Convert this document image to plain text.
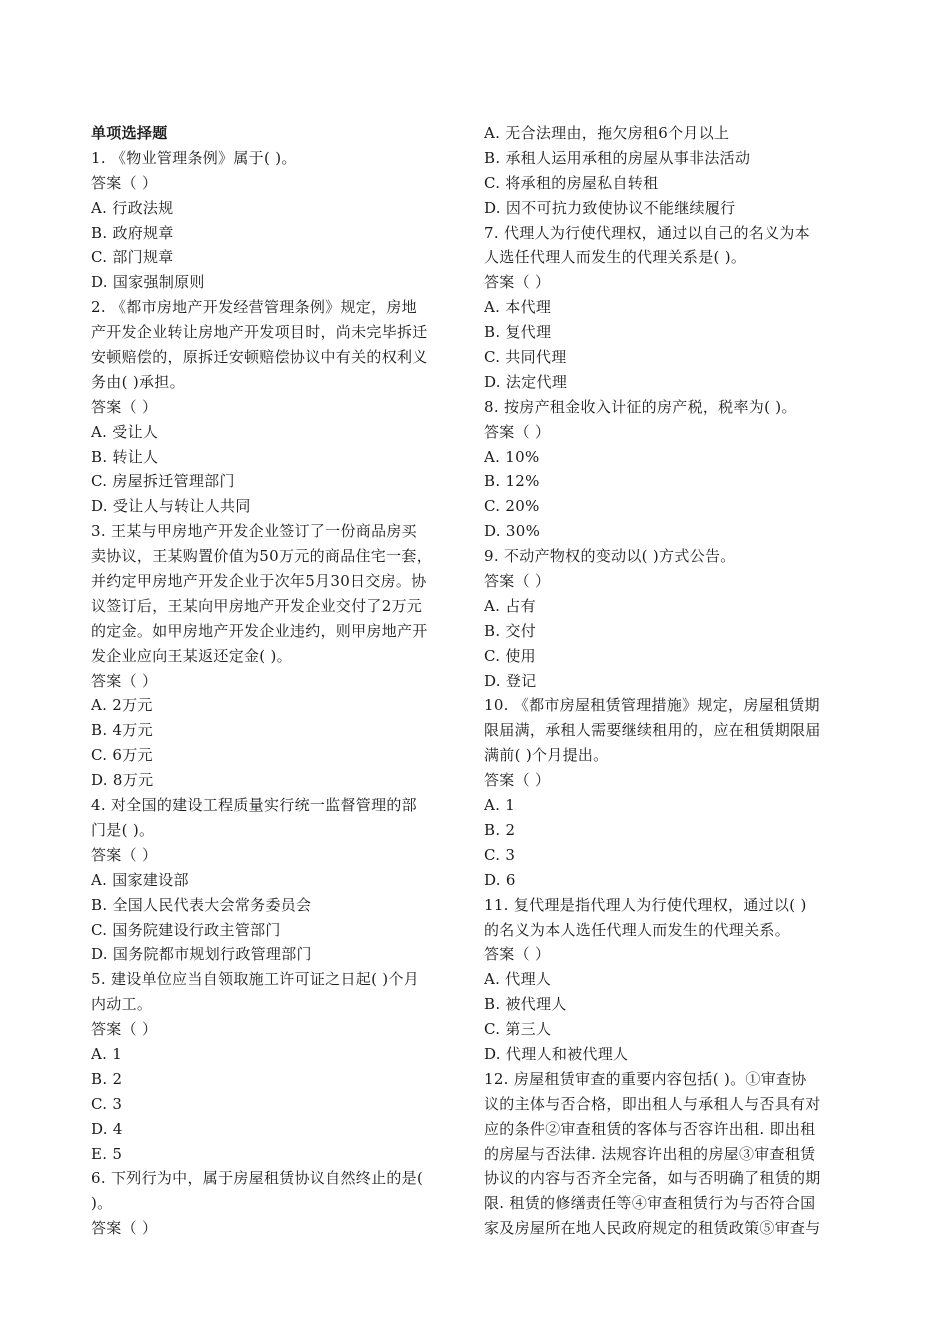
单项选择题
1. 《物业管理条例》属于( )。
答案（ ）
A. 行政法规
B. 政府规章
C. 部门规章
D. 国家强制原则
2. 《都市房地产开发经营管理条例》规定，房地
产开发企业转让房地产开发项目时，尚未完毕拆迁
安顿赔偿的，原拆迁安顿赔偿协议中有关的权利义
务由( )承担。
答案（ ）
A. 受让人
B. 转让人
C. 房屋拆迁管理部门
D. 受让人与转让人共同
3. 王某与甲房地产开发企业签订了一份商品房买
卖协议，王某购置价值为50万元的商品住宅一套，
并约定甲房地产开发企业于次年5月30日交房。协
议签订后，王某向甲房地产开发企业交付了2万元
的定金。如甲房地产开发企业违约，则甲房地产开
发企业应向王某返还定金( )。
答案（ ）
A. 2万元
B. 4万元
C. 6万元
D. 8万元
4. 对全国的建设工程质量实行统一监督管理的部
门是( )。
答案（ ）
A. 国家建设部
B. 全国人民代表大会常务委员会
C. 国务院建设行政主管部门
D. 国务院都市规划行政管理部门
5. 建设单位应当自领取施工许可证之日起( )个月
内动工。
答案（ ）
A. 1
B. 2
C. 3
D. 4
E. 5
6. 下列行为中，属于房屋租赁协议自然终止的是(
)。
答案（ ）
A. 无合法理由，拖欠房租6个月以上
B. 承租人运用承租的房屋从事非法活动
C. 将承租的房屋私自转租
D. 因不可抗力致使协议不能继续履行
7. 代理人为行使代理权，通过以自己的名义为本
人选任代理人而发生的代理关系是( )。
答案（ ）
A. 本代理
B. 复代理
C. 共同代理
D. 法定代理
8. 按房产租金收入计征的房产税，税率为( )。
答案（ ）
A. 10%
B. 12%
C. 20%
D. 30%
9. 不动产物权的变动以( )方式公告。
答案（ ）
A. 占有
B. 交付
C. 使用
D. 登记
10. 《都市房屋租赁管理措施》规定，房屋租赁期
限届满，承租人需要继续租用的，应在租赁期限届
满前( )个月提出。
答案（ ）
A. 1
B. 2
C. 3
D. 6
11. 复代理是指代理人为行使代理权，通过以( )
的名义为本人选任代理人而发生的代理关系。
答案（ ）
A. 代理人
B. 被代理人
C. 第三人
D. 代理人和被代理人
12. 房屋租赁审查的重要内容包括( )。①审查协
议的主体与否合格，即出租人与承租人与否具有对
应的条件②审查租赁的客体与否容许出租. 即出租
的房屋与否法律. 法规容许出租的房屋③审查租赁
协议的内容与否齐全完备，如与否明确了租赁的期
限. 租赁的修缮责任等④审查租赁行为与否符合国
家及房屋所在地人民政府规定的租赁政策⑤审查与
